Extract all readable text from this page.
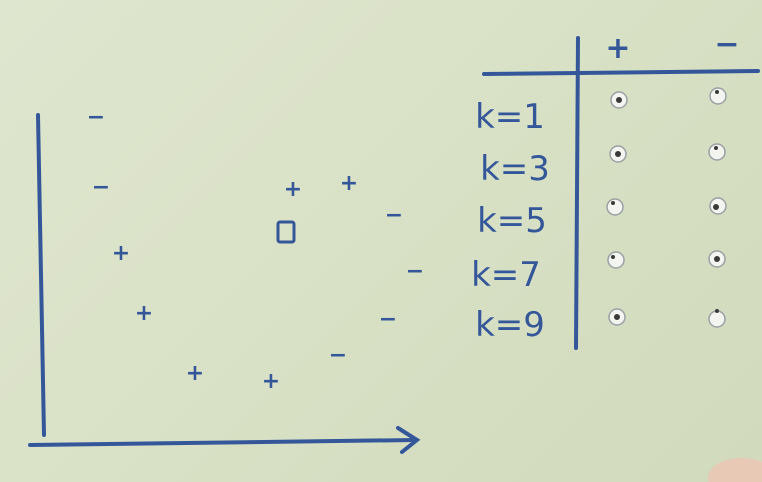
−
−
+
+
+	+
+ +
−
−
−
−
+	−
k=1
k=3
k=5
k=7
k=9
